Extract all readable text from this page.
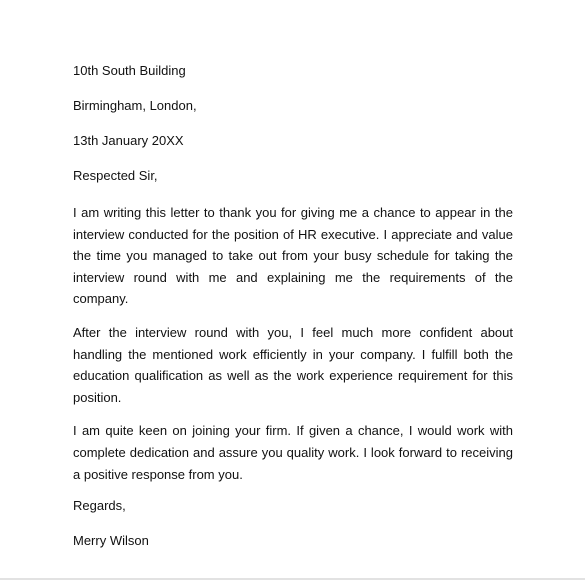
10th South Building

Birmingham, London,

13th January 20XX

Respected Sir,

I am writing this letter to thank you for giving me a chance to appear in the interview conducted for the position of HR executive. I appreciate and value the time you managed to take out from your busy schedule for taking the interview round with me and explaining me the requirements of the company.

After the interview round with you, I feel much more confident about handling the mentioned work efficiently in your company. I fulfill both the education qualification as well as the work experience requirement for this position.

I am quite keen on joining your firm. If given a chance, I would work with complete dedication and assure you quality work. I look forward to receiving a positive response from you.

Regards,

Merry Wilson
